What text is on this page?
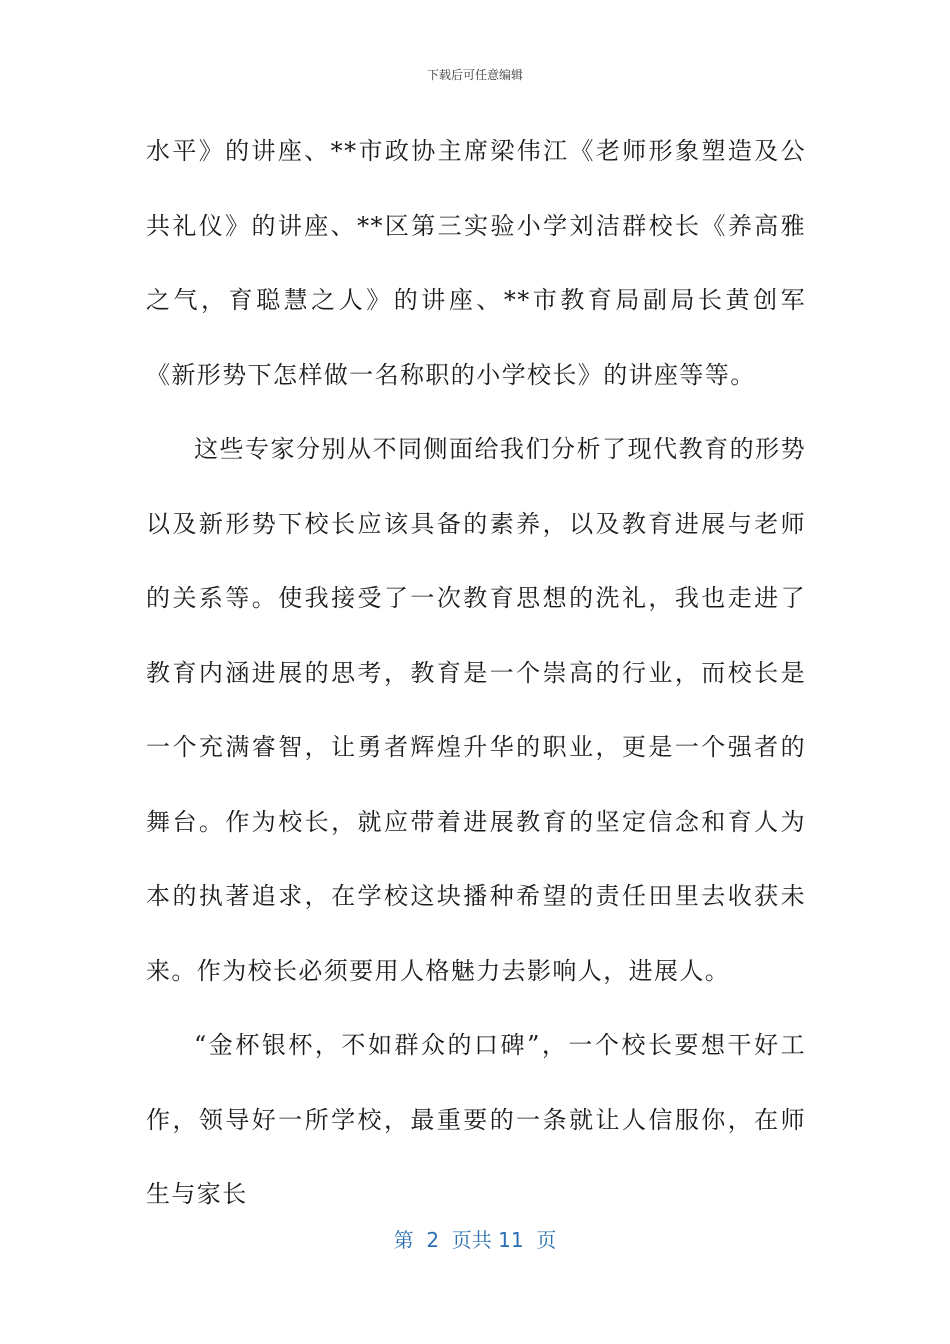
下载后可任意编辑

水平》的讲座、**市政协主席梁伟江《老师形象塑造及公共礼仪》的讲座、**区第三实验小学刘洁群校长《养高雅之气，育聪慧之人》的讲座、**市教育局副局长黄创军《新形势下怎样做一名称职的小学校长》的讲座等等。

这些专家分别从不同侧面给我们分析了现代教育的形势以及新形势下校长应该具备的素养，以及教育进展与老师的关系等。使我接受了一次教育思想的洗礼，我也走进了教育内涵进展的思考，教育是一个崇高的行业，而校长是一个充满睿智，让勇者辉煌升华的职业，更是一个强者的舞台。作为校长，就应带着进展教育的坚定信念和育人为本的执著追求，在学校这块播种希望的责任田里去收获未来。作为校长必须要用人格魅力去影响人，进展人。

“金杯银杯，不如群众的口碑”，一个校长要想干好工作，领导好一所学校，最重要的一条就让人信服你，在师生与家长

第  2  页共 11  页
